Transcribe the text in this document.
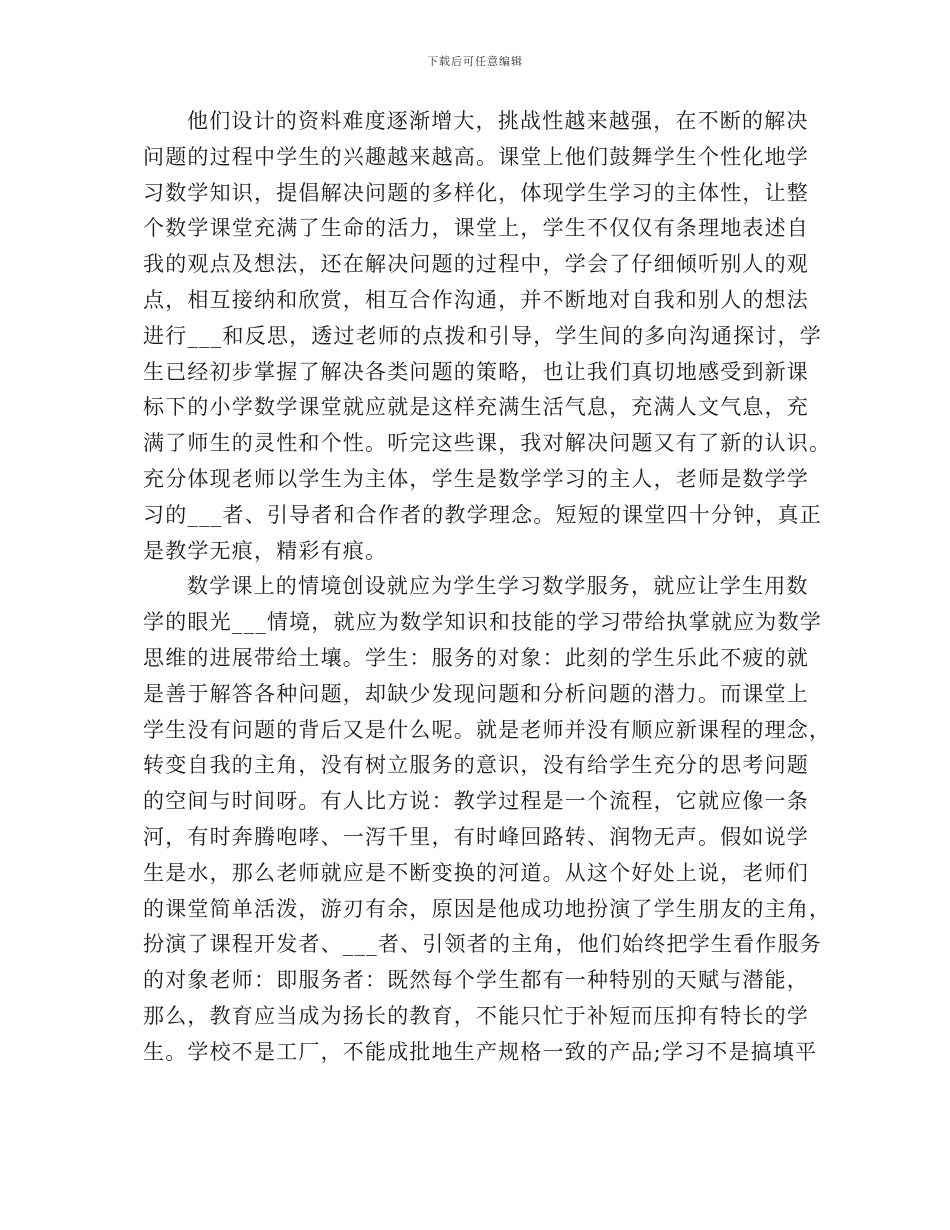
下载后可任意编辑
他们设计的资料难度逐渐增大，挑战性越来越强，在不断的解决
问题的过程中学生的兴趣越来越高。课堂上他们鼓舞学生个性化地学
习数学知识，提倡解决问题的多样化，体现学生学习的主体性，让整
个数学课堂充满了生命的活力，课堂上，学生不仅仅有条理地表述自
我的观点及想法，还在解决问题的过程中，学会了仔细倾听别人的观
点，相互接纳和欣赏，相互合作沟通，并不断地对自我和别人的想法
进行___和反思，透过老师的点拨和引导，学生间的多向沟通探讨，学
生已经初步掌握了解决各类问题的策略，也让我们真切地感受到新课
标下的小学数学课堂就应就是这样充满生活气息，充满人文气息，充
满了师生的灵性和个性。听完这些课，我对解决问题又有了新的认识。
充分体现老师以学生为主体，学生是数学学习的主人，老师是数学学
习的___者、引导者和合作者的教学理念。短短的课堂四十分钟，真正
是教学无痕，精彩有痕。
数学课上的情境创设就应为学生学习数学服务，就应让学生用数
学的眼光___情境，就应为数学知识和技能的学习带给执掌就应为数学
思维的进展带给土壤。学生：服务的对象：此刻的学生乐此不疲的就
是善于解答各种问题，却缺少发现问题和分析问题的潜力。而课堂上
学生没有问题的背后又是什么呢。就是老师并没有顺应新课程的理念，
转变自我的主角，没有树立服务的意识，没有给学生充分的思考问题
的空间与时间呀。有人比方说：教学过程是一个流程，它就应像一条
河，有时奔腾咆哮、一泻千里，有时峰回路转、润物无声。假如说学
生是水，那么老师就应是不断变换的河道。从这个好处上说，老师们
的课堂简单活泼，游刃有余，原因是他成功地扮演了学生朋友的主角，
扮演了课程开发者、___者、引领者的主角，他们始终把学生看作服务
的对象老师：即服务者：既然每个学生都有一种特别的天赋与潜能，
那么，教育应当成为扬长的教育，不能只忙于补短而压抑有特长的学
生。学校不是工厂，不能成批地生产规格一致的产品;学习不是搞填平
